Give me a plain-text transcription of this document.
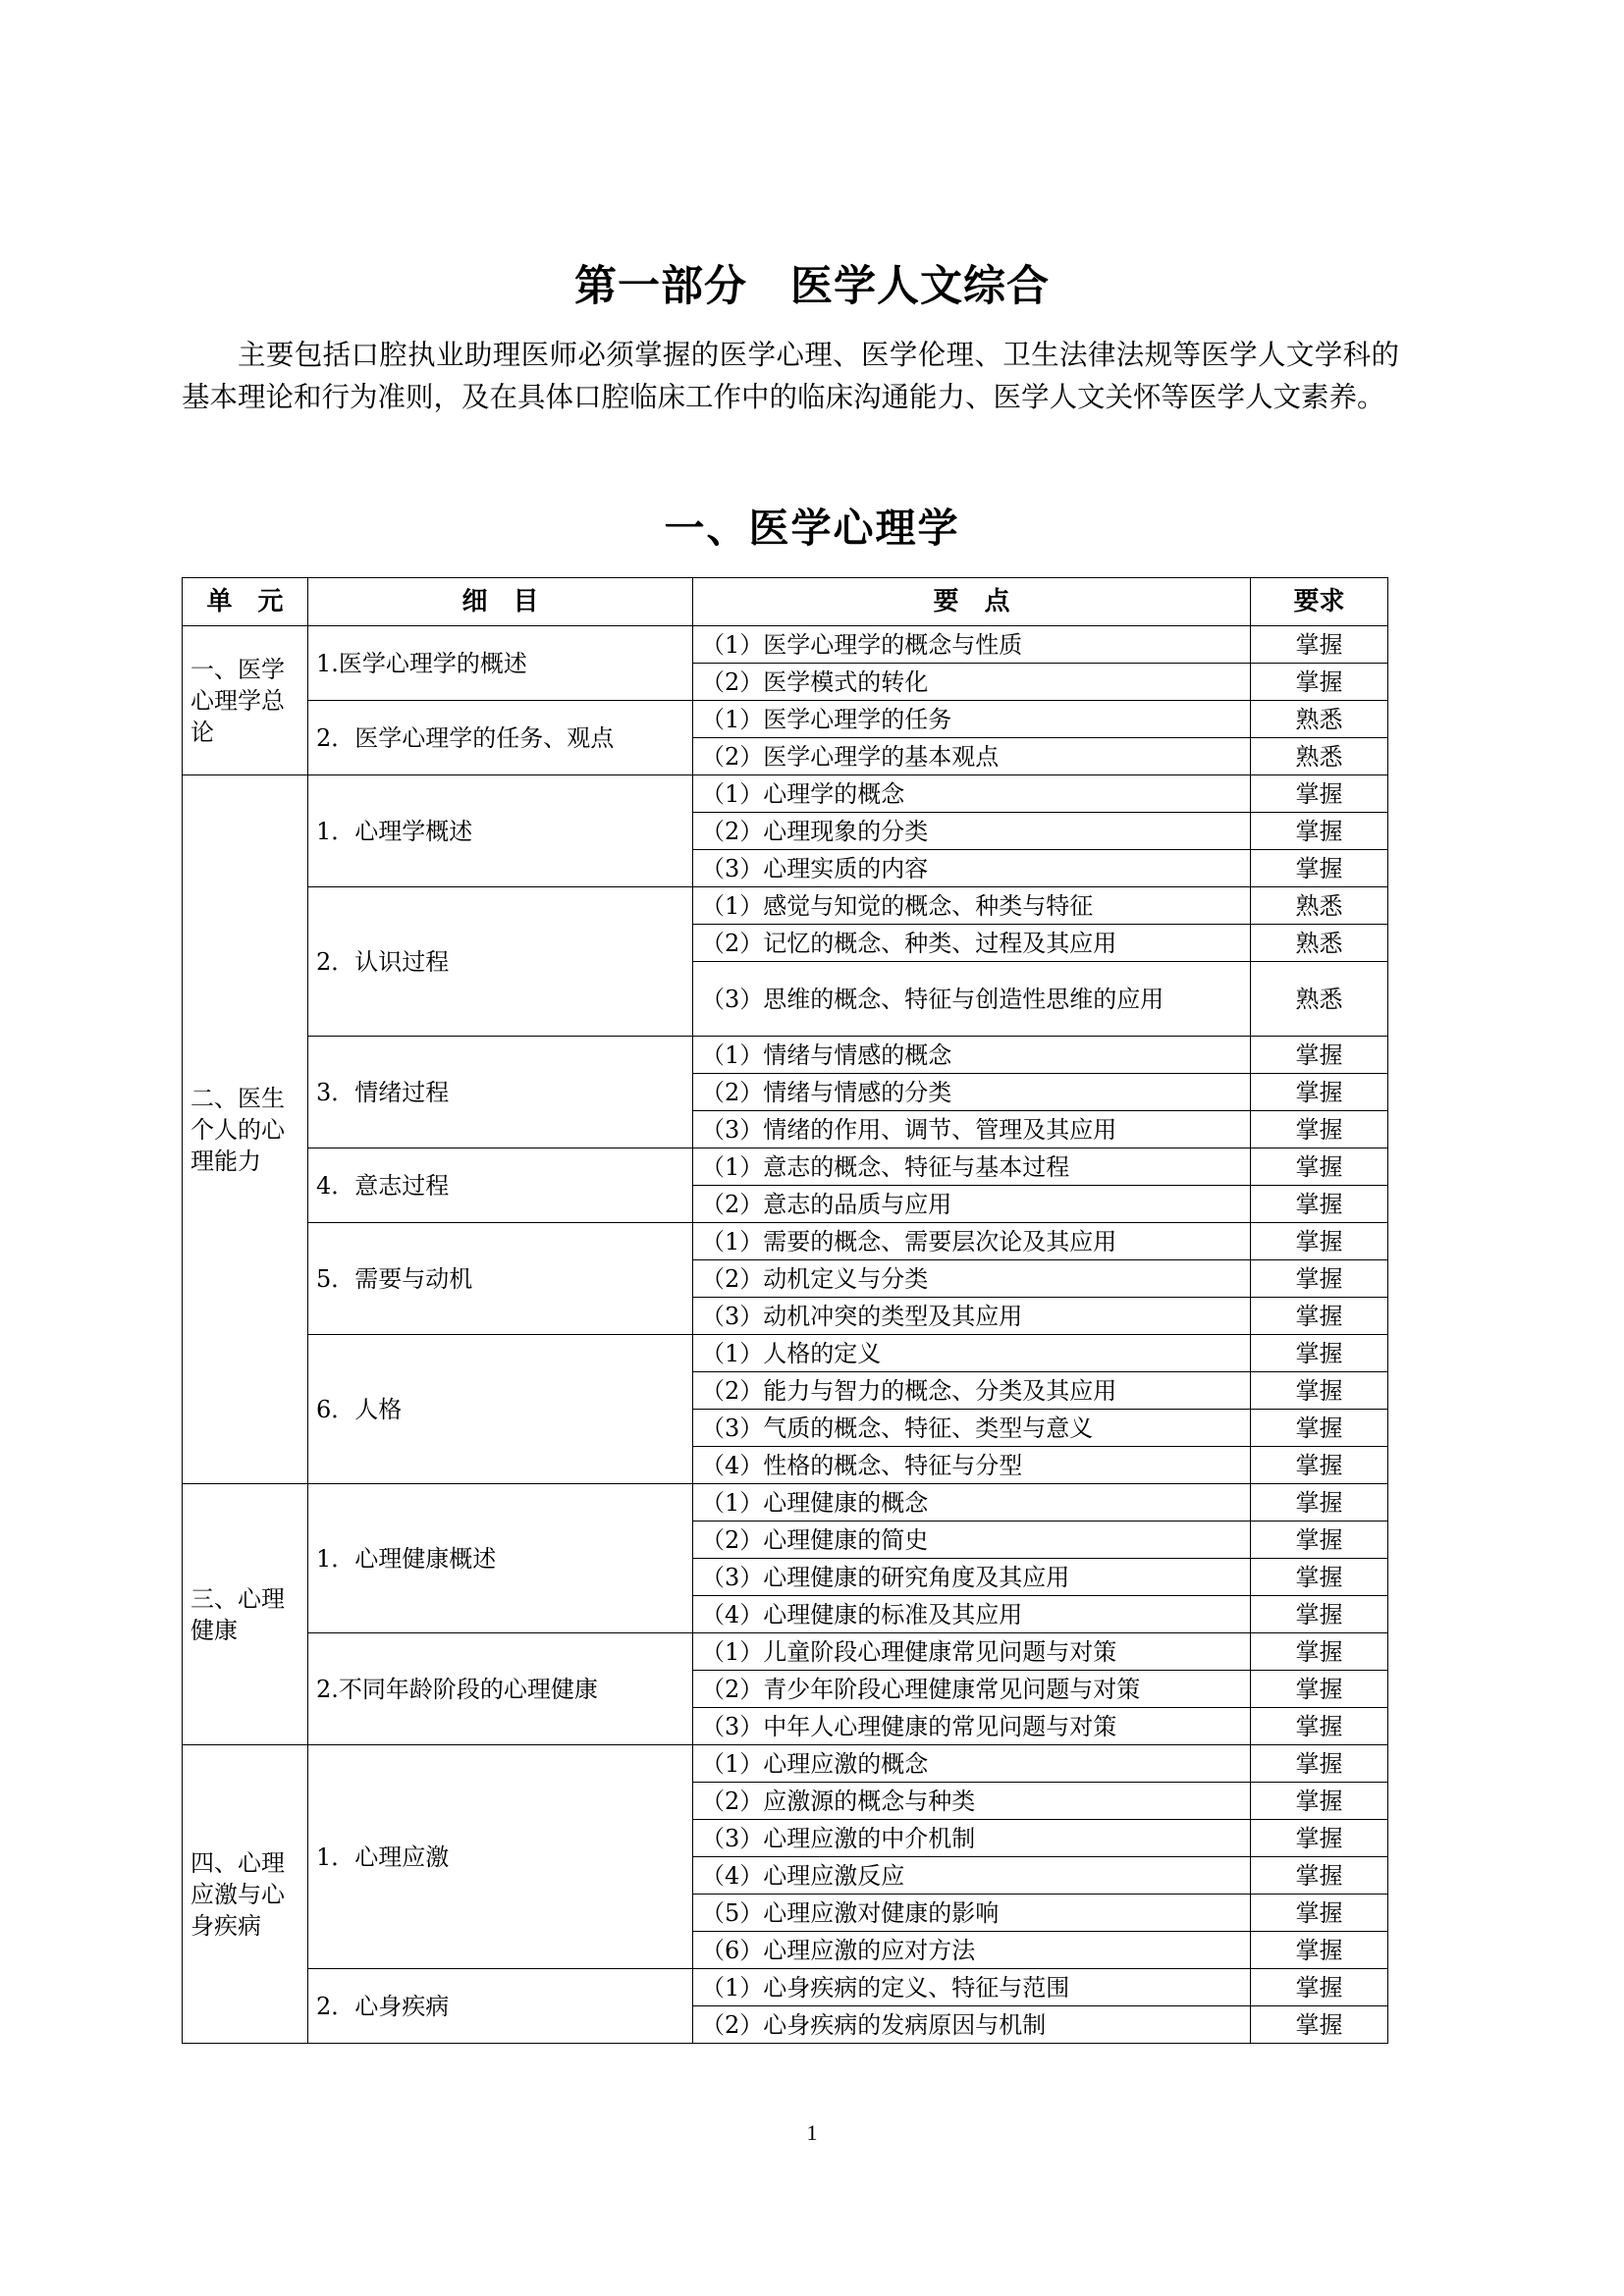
第一部分　医学人文综合
主要包括口腔执业助理医师必须掌握的医学心理、医学伦理、卫生法律法规等医学人文学科的基本理论和行为准则，及在具体口腔临床工作中的临床沟通能力、医学人文关怀等医学人文素养。
一、医学心理学
单　元	细　目	要　点	要求
一、医学心理学总论	1.医学心理学的概述	（1）医学心理学的概念与性质	掌握
		（2）医学模式的转化	掌握
	2．医学心理学的任务、观点	（1）医学心理学的任务	熟悉
		（2）医学心理学的基本观点	熟悉
二、医生个人的心理能力	1．心理学概述	（1）心理学的概念	掌握
		（2）心理现象的分类	掌握
		（3）心理实质的内容	掌握
	2．认识过程	（1）感觉与知觉的概念、种类与特征	熟悉
		（2）记忆的概念、种类、过程及其应用	熟悉
		（3）思维的概念、特征与创造性思维的应用	熟悉
	3．情绪过程	（1）情绪与情感的概念	掌握
		（2）情绪与情感的分类	掌握
		（3）情绪的作用、调节、管理及其应用	掌握
	4．意志过程	（1）意志的概念、特征与基本过程	掌握
		（2）意志的品质与应用	掌握
	5．需要与动机	（1）需要的概念、需要层次论及其应用	掌握
		（2）动机定义与分类	掌握
		（3）动机冲突的类型及其应用	掌握
	6．人格	（1）人格的定义	掌握
		（2）能力与智力的概念、分类及其应用	掌握
		（3）气质的概念、特征、类型与意义	掌握
		（4）性格的概念、特征与分型	掌握
三、心理健康	1．心理健康概述	（1）心理健康的概念	掌握
		（2）心理健康的简史	掌握
		（3）心理健康的研究角度及其应用	掌握
		（4）心理健康的标准及其应用	掌握
	2.不同年龄阶段的心理健康	（1）儿童阶段心理健康常见问题与对策	掌握
		（2）青少年阶段心理健康常见问题与对策	掌握
		（3）中年人心理健康的常见问题与对策	掌握
四、心理应激与心身疾病	1．心理应激	（1）心理应激的概念	掌握
		（2）应激源的概念与种类	掌握
		（3）心理应激的中介机制	掌握
		（4）心理应激反应	掌握
		（5）心理应激对健康的影响	掌握
		（6）心理应激的应对方法	掌握
	2．心身疾病	（1）心身疾病的定义、特征与范围	掌握
		（2）心身疾病的发病原因与机制	掌握
1
